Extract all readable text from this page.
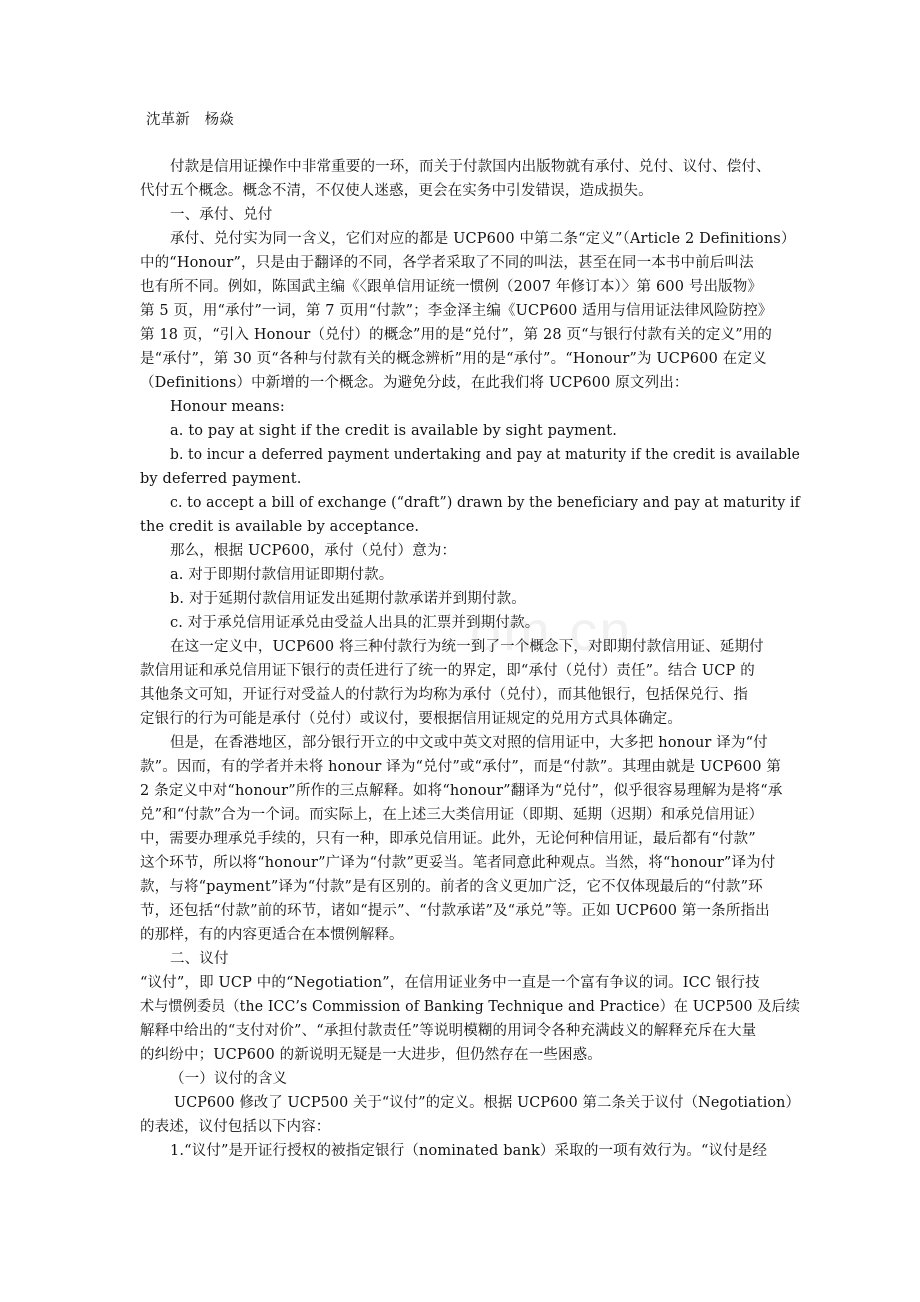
om.cn
沈革新　杨焱
付款是信用证操作中非常重要的一环，而关于付款国内出版物就有承付、兑付、议付、偿付、
代付五个概念。概念不清，不仅使人迷惑，更会在实务中引发错误，造成损失。
一、承付、兑付
承付、兑付实为同一含义，它们对应的都是 UCP600 中第二条“定义”（Article 2 Definitions）
中的“Honour”，只是由于翻译的不同，各学者采取了不同的叫法，甚至在同一本书中前后叫法
也有所不同。例如，陈国武主编《〈跟单信用证统一惯例（2007 年修订本）〉第 600 号出版物》
第 5 页，用“承付”一词，第 7 页用“付款”；李金泽主编《UCP600 适用与信用证法律风险防控》
第 18 页，“引入 Honour（兑付）的概念”用的是“兑付”，第 28 页“与银行付款有关的定义”用的
是“承付”，第 30 页“各种与付款有关的概念辨析”用的是“承付”。“Honour”为 UCP600 在定义
（Definitions）中新增的一个概念。为避免分歧，在此我们将 UCP600 原文列出：
Honour means:
a. to pay at sight if the credit is available by sight payment.
b. to incur a deferred payment undertaking and pay at maturity if the credit is available
by deferred payment.
c. to accept a bill of exchange (“draft”) drawn by the beneficiary and pay at maturity if
the credit is available by acceptance.
那么，根据 UCP600，承付（兑付）意为：
a. 对于即期付款信用证即期付款。
b. 对于延期付款信用证发出延期付款承诺并到期付款。
c. 对于承兑信用证承兑由受益人出具的汇票并到期付款。
在这一定义中，UCP600 将三种付款行为统一到了一个概念下，对即期付款信用证、延期付
款信用证和承兑信用证下银行的责任进行了统一的界定，即“承付（兑付）责任”。结合 UCP 的
其他条文可知，开证行对受益人的付款行为均称为承付（兑付），而其他银行，包括保兑行、指
定银行的行为可能是承付（兑付）或议付，要根据信用证规定的兑用方式具体确定。
但是，在香港地区，部分银行开立的中文或中英文对照的信用证中，大多把 honour 译为“付
款”。因而，有的学者并未将 honour 译为“兑付”或“承付”，而是“付款”。其理由就是 UCP600 第
2 条定义中对“honour”所作的三点解释。如将“honour”翻译为“兑付”，似乎很容易理解为是将“承
兑”和“付款”合为一个词。而实际上，在上述三大类信用证（即期、延期（迟期）和承兑信用证）
中，需要办理承兑手续的，只有一种，即承兑信用证。此外，无论何种信用证，最后都有“付款”
这个环节，所以将“honour”广译为“付款”更妥当。笔者同意此种观点。当然，将“honour”译为付
款，与将“payment”译为“付款”是有区别的。前者的含义更加广泛，它不仅体现最后的“付款”环
节，还包括“付款”前的环节，诸如“提示”、“付款承诺”及“承兑”等。正如 UCP600 第一条所指出
的那样，有的内容更适合在本惯例解释。
二、议付
“议付”，即 UCP 中的“Negotiation”，在信用证业务中一直是一个富有争议的词。ICC 银行技
术与惯例委员（the ICC’s Commission of Banking Technique and Practice）在 UCP500 及后续
解释中给出的“支付对价”、“承担付款责任”等说明模糊的用词令各种充满歧义的解释充斥在大量
的纠纷中；UCP600 的新说明无疑是一大进步，但仍然存在一些困惑。
（一）议付的含义
UCP600 修改了 UCP500 关于“议付”的定义。根据 UCP600 第二条关于议付（Negotiation）
的表述，议付包括以下内容：
1.“议付”是开证行授权的被指定银行（nominated bank）采取的一项有效行为。“议付是经
